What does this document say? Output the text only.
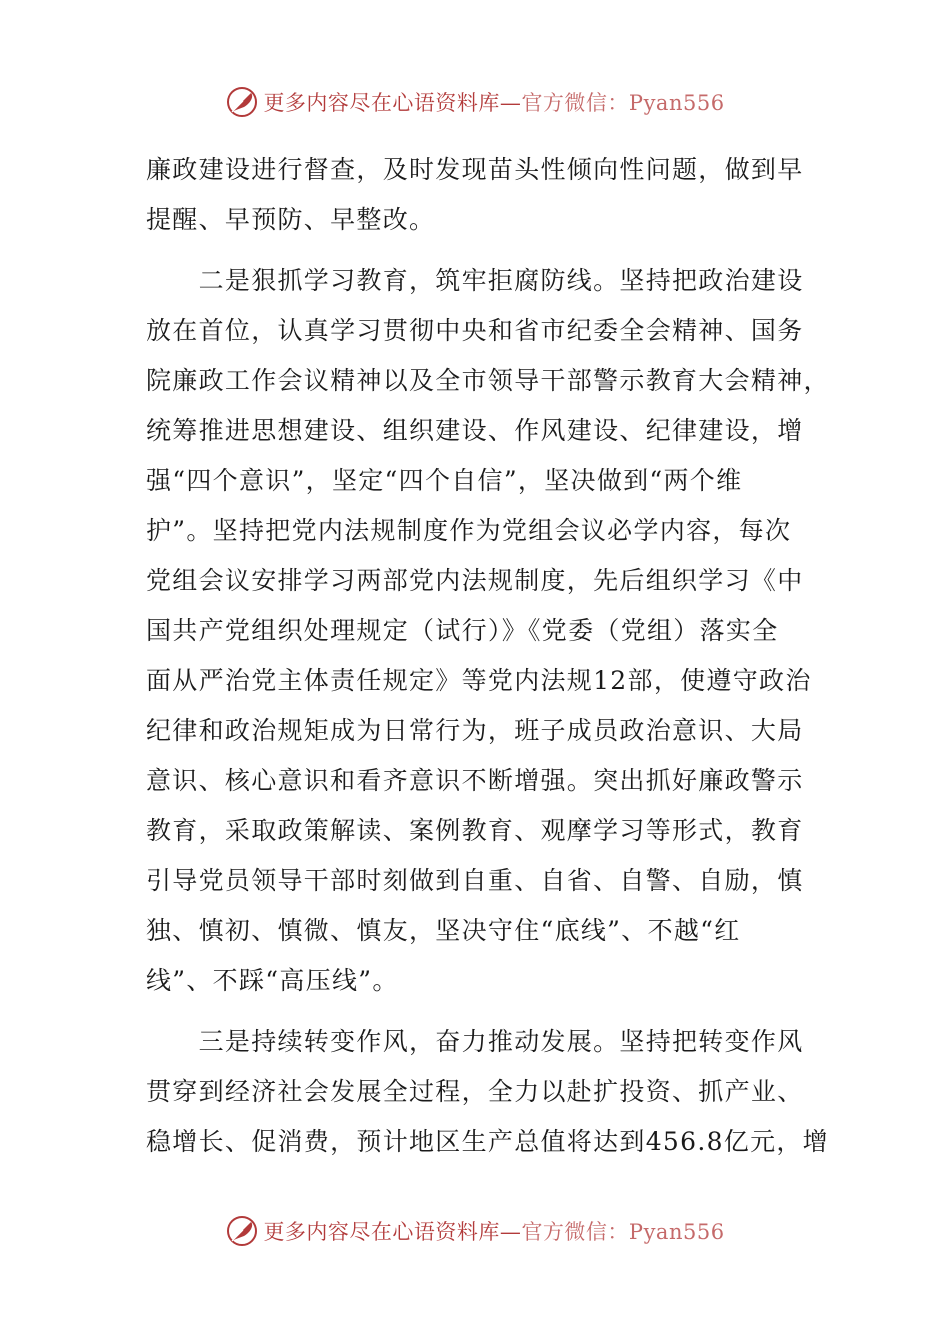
更多内容尽在心语资料库—官方微信：Pyan556
廉政建设进行督查，及时发现苗头性倾向性问题，做到早
提醒、早预防、早整改。
　　二是狠抓学习教育，筑牢拒腐防线。坚持把政治建设
放在首位，认真学习贯彻中央和省市纪委全会精神、国务
院廉政工作会议精神以及全市领导干部警示教育大会精神，
统筹推进思想建设、组织建设、作风建设、纪律建设，增
强“四个意识”，坚定“四个自信”，坚决做到“两个维
护”。坚持把党内法规制度作为党组会议必学内容，每次
党组会议安排学习两部党内法规制度，先后组织学习《中
国共产党组织处理规定（试行）》《党委（党组）落实全
面从严治党主体责任规定》等党内法规12部，使遵守政治
纪律和政治规矩成为日常行为，班子成员政治意识、大局
意识、核心意识和看齐意识不断增强。突出抓好廉政警示
教育，采取政策解读、案例教育、观摩学习等形式，教育
引导党员领导干部时刻做到自重、自省、自警、自励，慎
独、慎初、慎微、慎友，坚决守住“底线”、不越“红
线”、不踩“高压线”。
　　三是持续转变作风，奋力推动发展。坚持把转变作风
贯穿到经济社会发展全过程，全力以赴扩投资、抓产业、
稳增长、促消费，预计地区生产总值将达到456.8亿元，增
更多内容尽在心语资料库—官方微信：Pyan556
